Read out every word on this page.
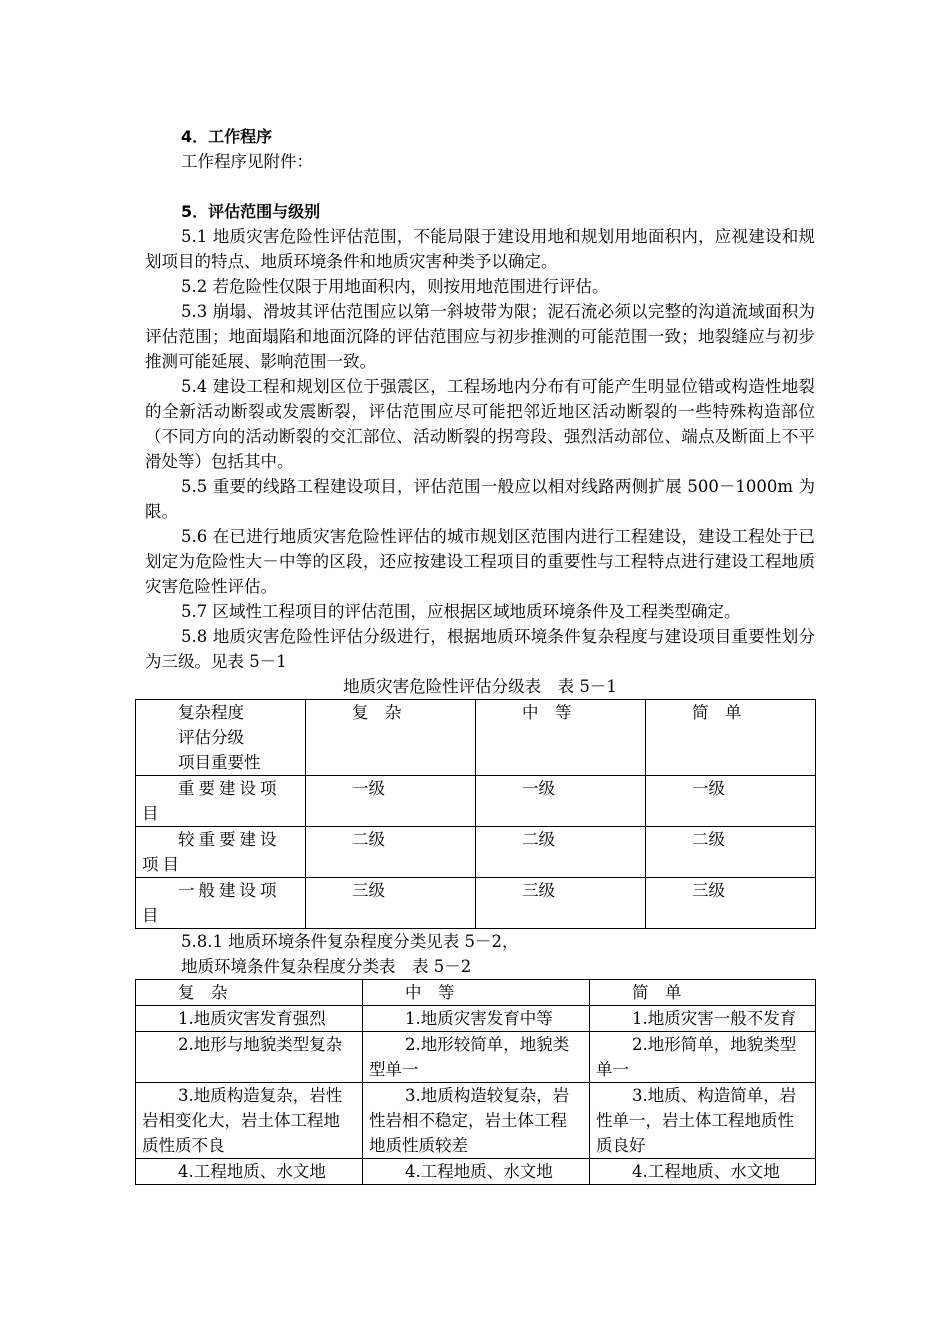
4．工作程序
工作程序见附件：
5．评估范围与级别
5.1 地质灾害危险性评估范围，不能局限于建设用地和规划用地面积内，应视建设和规划项目的特点、地质环境条件和地质灾害种类予以确定。
5.2 若危险性仅限于用地面积内，则按用地范围进行评估。
5.3 崩塌、滑坡其评估范围应以第一斜坡带为限；泥石流必须以完整的沟道流域面积为评估范围；地面塌陷和地面沉降的评估范围应与初步推测的可能范围一致；地裂缝应与初步推测可能延展、影响范围一致。
5.4 建设工程和规划区位于强震区，工程场地内分布有可能产生明显位错或构造性地裂的全新活动断裂或发震断裂，评估范围应尽可能把邻近地区活动断裂的一些特殊构造部位（不同方向的活动断裂的交汇部位、活动断裂的拐弯段、强烈活动部位、端点及断面上不平滑处等）包括其中。
5.5 重要的线路工程建设项目，评估范围一般应以相对线路两侧扩展 500－1000m 为限。
5.6 在已进行地质灾害危险性评估的城市规划区范围内进行工程建设，建设工程处于已划定为危险性大－中等的区段，还应按建设工程项目的重要性与工程特点进行建设工程地质灾害危险性评估。
5.7 区域性工程项目的评估范围，应根据区域地质环境条件及工程类型确定。
5.8 地质灾害危险性评估分级进行，根据地质环境条件复杂程度与建设项目重要性划分为三级。见表 5－1
地质灾害危险性评估分级表　表 5－1
复杂程度
评估分级
项目重要性	复　杂	中　等	简　单
重要建设项目	一级	一级	一级
较重要建设项目	二级	二级	二级
一般建设项目	三级	三级	三级
5.8.1 地质环境条件复杂程度分类见表 5－2，
地质环境条件复杂程度分类表　表 5－2
复　杂	中　等	简　单
1.地质灾害发育强烈	1.地质灾害发育中等	1.地质灾害一般不发育
2.地形与地貌类型复杂	2.地形较简单，地貌类型单一	2.地形简单，地貌类型单一
3.地质构造复杂，岩性岩相变化大，岩土体工程地质性质不良	3.地质构造较复杂，岩性岩相不稳定，岩土体工程地质性质较差	3.地质、构造简单，岩性单一，岩土体工程地质性质良好
4.工程地质、水文地	4.工程地质、水文地	4.工程地质、水文地
